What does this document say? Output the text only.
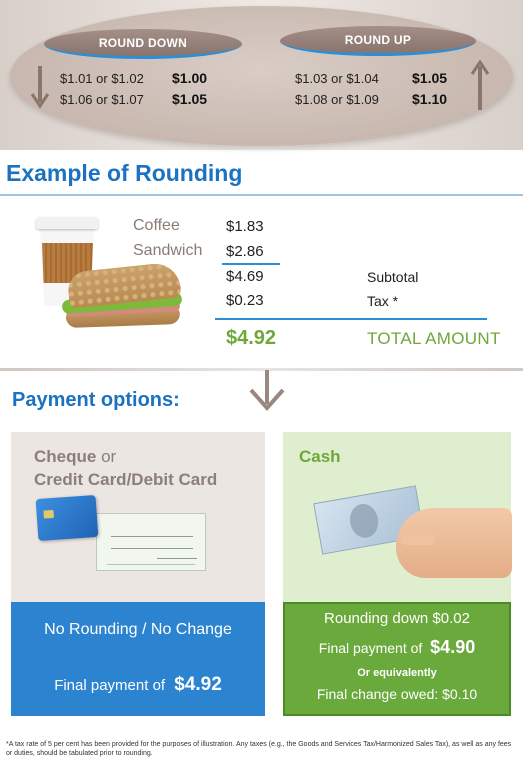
ROUND DOWN	ROUND UP
$1.01 or $1.02 $1.00
$1.06 or $1.07 $1.05
$1.03 or $1.04 $1.05
$1.08 or $1.09 $1.10
Example of Rounding
Coffee	$1.83
Sandwich $2.86
$4.69	Subtotal
$0.23	Tax *
$4.92	TOTAL AMOUNT
Payment options:
Cheque or
Credit Card/Debit Card
Cash
No Rounding / No Change
Final payment of $4.92
Rounding down $0.02
Final payment of $4.90
Or equivalently
Final change owed: $0.10
*A tax rate of 5 per cent has been provided for the purposes of illustration. Any taxes (e.g., the Goods and Services Tax/Harmonized Sales Tax), as well as any fees or duties, should be tabulated prior to rounding.
